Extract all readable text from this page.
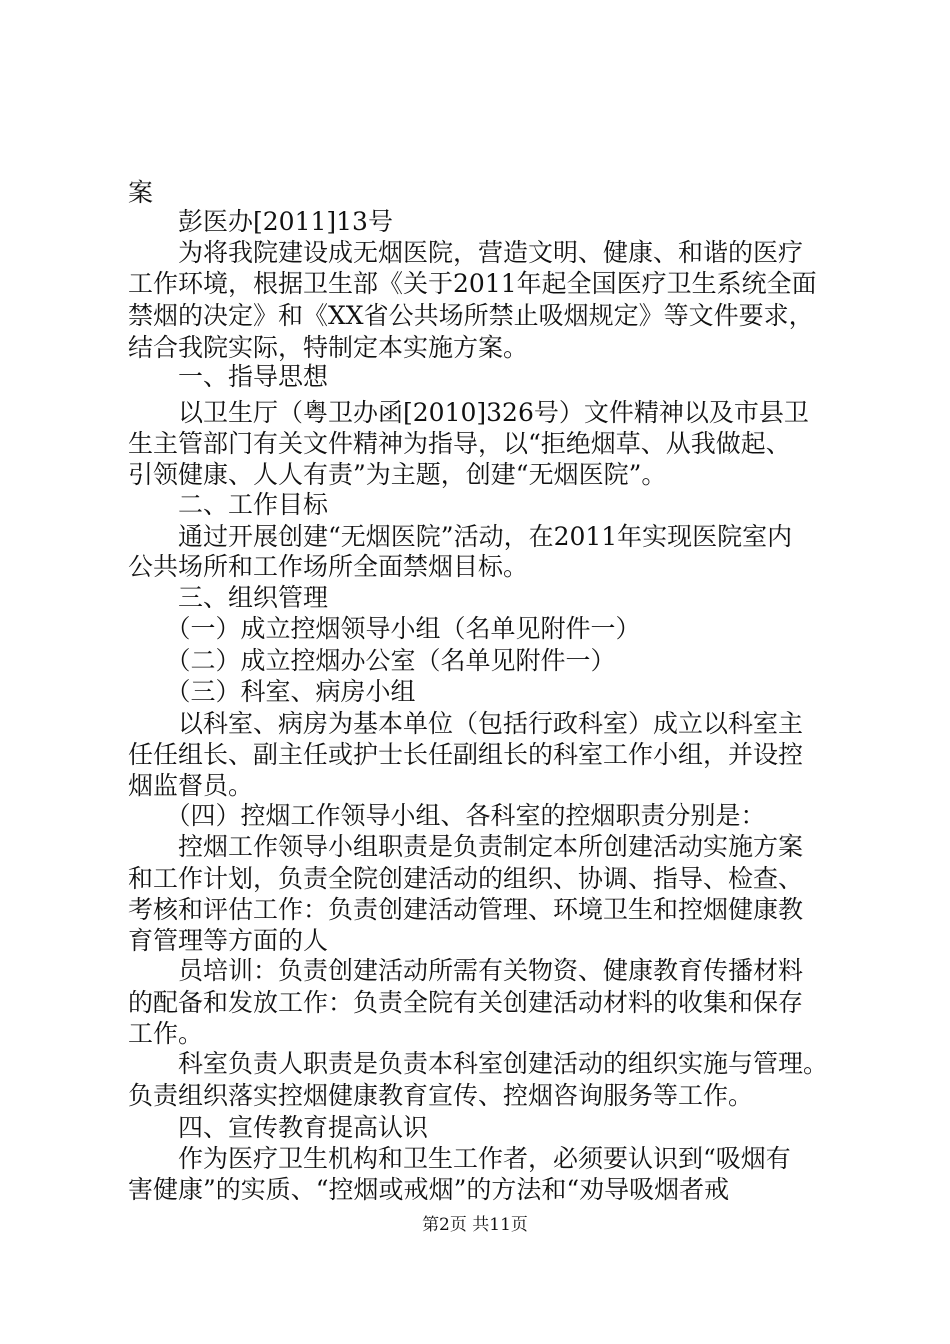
案
　　彭医办[2011]13号
　　为将我院建设成无烟医院，营造文明、健康、和谐的医疗
工作环境，根据卫生部《关于2011年起全国医疗卫生系统全面
禁烟的决定》和《XX省公共场所禁止吸烟规定》等文件要求，
结合我院实际，特制定本实施方案。
　　一、指导思想
　　以卫生厅（粤卫办函[2010]326号）文件精神以及市县卫
生主管部门有关文件精神为指导，以“拒绝烟草、从我做起、
引领健康、人人有责”为主题，创建“无烟医院”。
　　二、工作目标
　　通过开展创建“无烟医院”活动，在2011年实现医院室内
公共场所和工作场所全面禁烟目标。
　　三、组织管理
　　（一）成立控烟领导小组（名单见附件一）
　　（二）成立控烟办公室（名单见附件一）
　　（三）科室、病房小组
　　以科室、病房为基本单位（包括行政科室）成立以科室主
任任组长、副主任或护士长任副组长的科室工作小组，并设控
烟监督员。
　　（四）控烟工作领导小组、各科室的控烟职责分别是：
　　控烟工作领导小组职责是负责制定本所创建活动实施方案
和工作计划，负责全院创建活动的组织、协调、指导、检查、
考核和评估工作：负责创建活动管理、环境卫生和控烟健康教
育管理等方面的人
　　员培训：负责创建活动所需有关物资、健康教育传播材料
的配备和发放工作：负责全院有关创建活动材料的收集和保存
工作。
　　科室负责人职责是负责本科室创建活动的组织实施与管理。
负责组织落实控烟健康教育宣传、控烟咨询服务等工作。
　　四、宣传教育提高认识
　　作为医疗卫生机构和卫生工作者，必须要认识到“吸烟有
害健康”的实质、“控烟或戒烟”的方法和“劝导吸烟者戒
第2页 共11页
